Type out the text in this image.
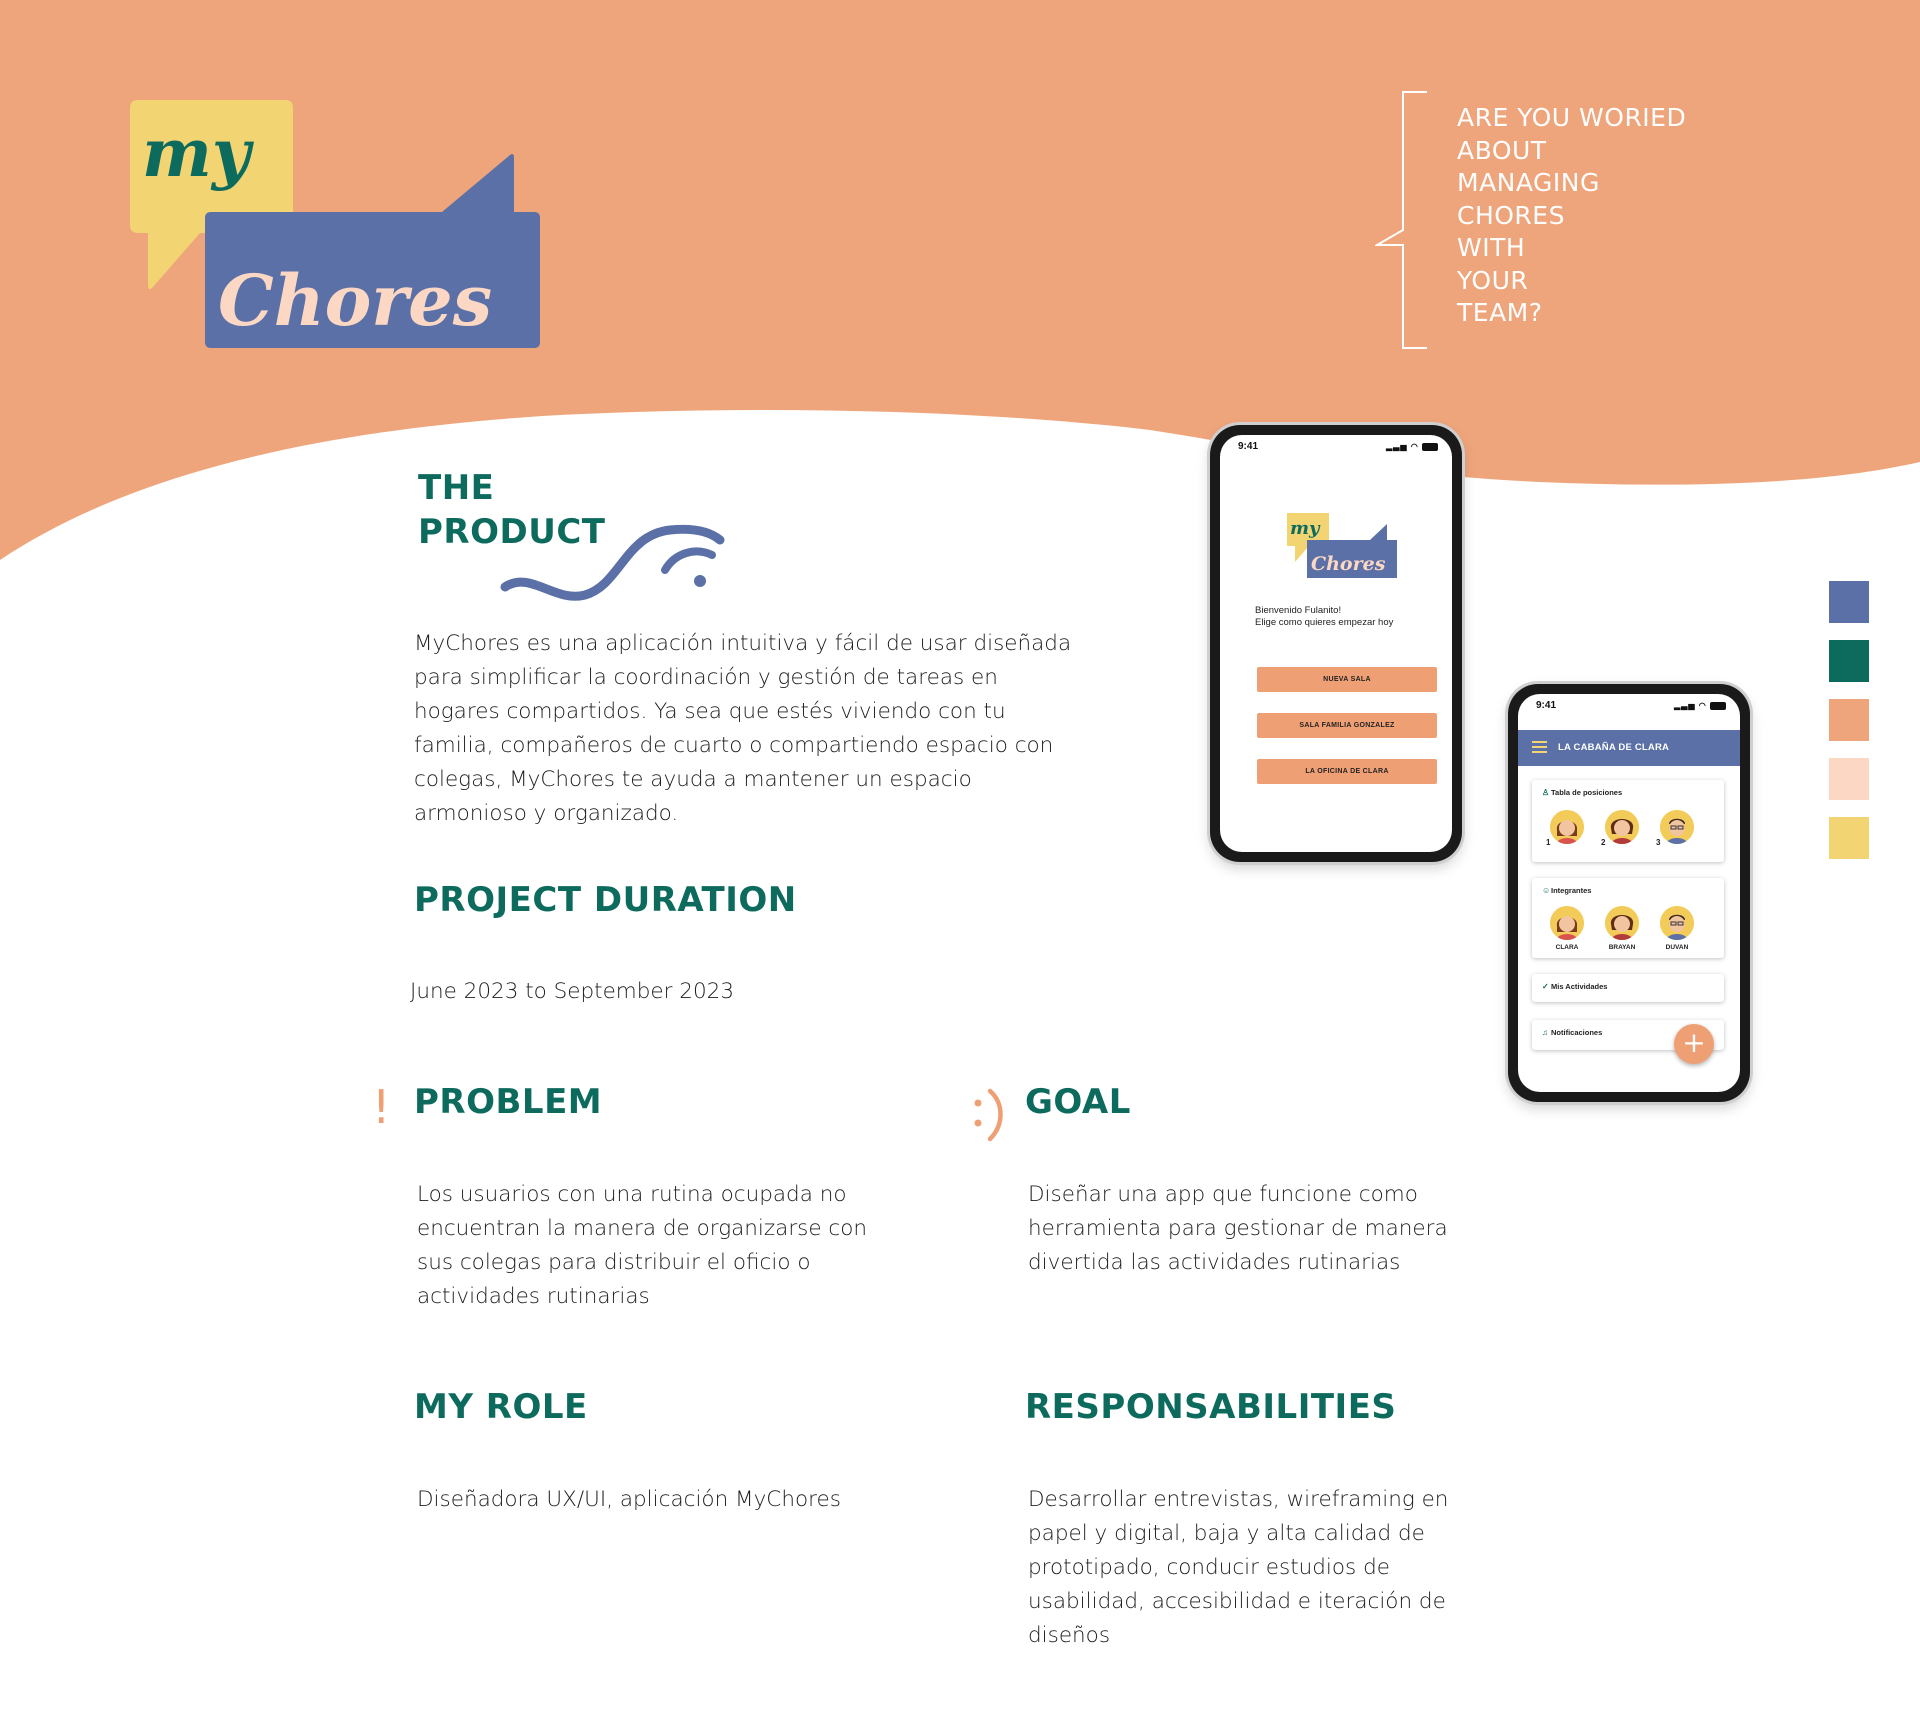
my
Chores
ARE YOU WORIED
ABOUT
MANAGING
CHORES
WITH
YOUR
TEAM?
THE
PRODUCT
MyChores es una aplicación intuitiva y fácil de usar diseñada para simplificar la coordinación y gestión de tareas en hogares compartidos. Ya sea que estés viviendo con tu familia, compañeros de cuarto o compartiendo espacio con colegas, MyChores te ayuda a mantener un espacio armonioso y organizado.
PROJECT DURATION
June 2023 to September 2023
! PROBLEM
Los usuarios con una rutina ocupada no encuentran la manera de organizarse con sus colegas para distribuir el oficio o actividades rutinarias
GOAL
Diseñar una app que funcione como herramienta para gestionar de manera divertida las actividades rutinarias
MY ROLE
Diseñadora UX/UI, aplicación MyChores
RESPONSABILITIES
Desarrollar entrevistas, wireframing en papel y digital, baja y alta calidad de prototipado, conducir estudios de usabilidad, accesibilidad e iteración de diseños
9:41	▂▃▅ ◠
my
Chores
Bienvenido Fulanito!
Elige como quieres empezar hoy
NUEVA SALA
SALA FAMILIA GONZALEZ
LA OFICINA DE CLARA
9:41	▂▃▅ ◠
LA CABAÑA DE CLARA
♙ Tabla de posiciones
1	2	3
☺Integrantes
CLARA	BRAYAN	DUVAN
✓ Mis Actividades
♫ Notificaciones	+
